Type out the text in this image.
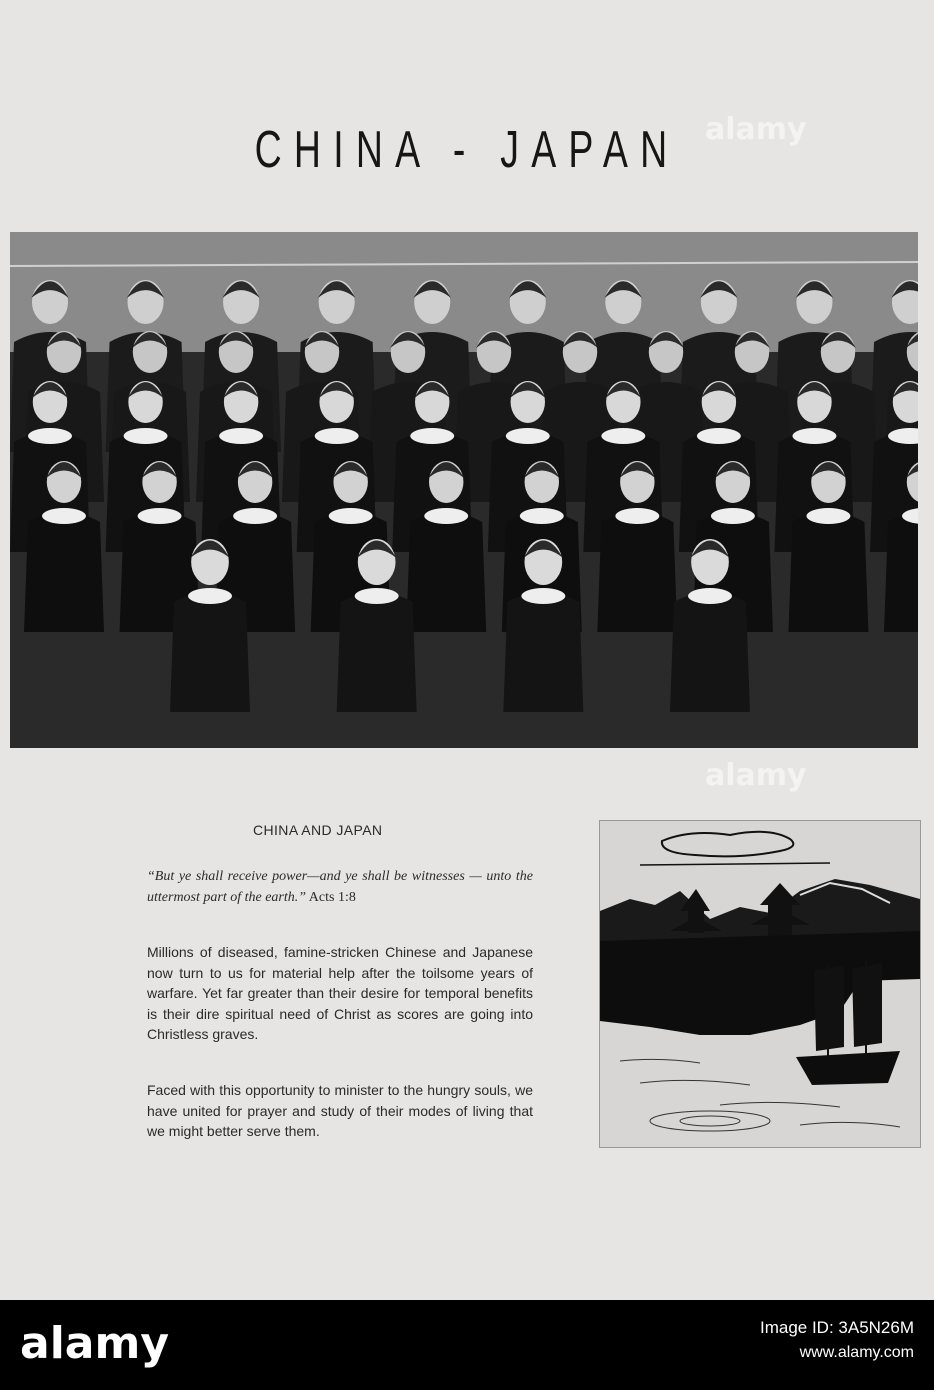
CHINA - JAPAN alamy
alamy
CHINA AND JAPAN
“But ye shall receive power—and ye shall be witnesses — unto the uttermost part of the earth.” Acts 1:8

Millions of diseased, famine-stricken Chinese and Japanese now turn to us for material help after the toilsome years of warfare. Yet far greater than their desire for temporal benefits is their dire spiritual need of Christ as scores are going into Christless graves.

Faced with this opportunity to minister to the hungry souls, we have united for prayer and study of their modes of living that we might better serve them.

alamy	Image ID: 3A5N26M
www.alamy.com
